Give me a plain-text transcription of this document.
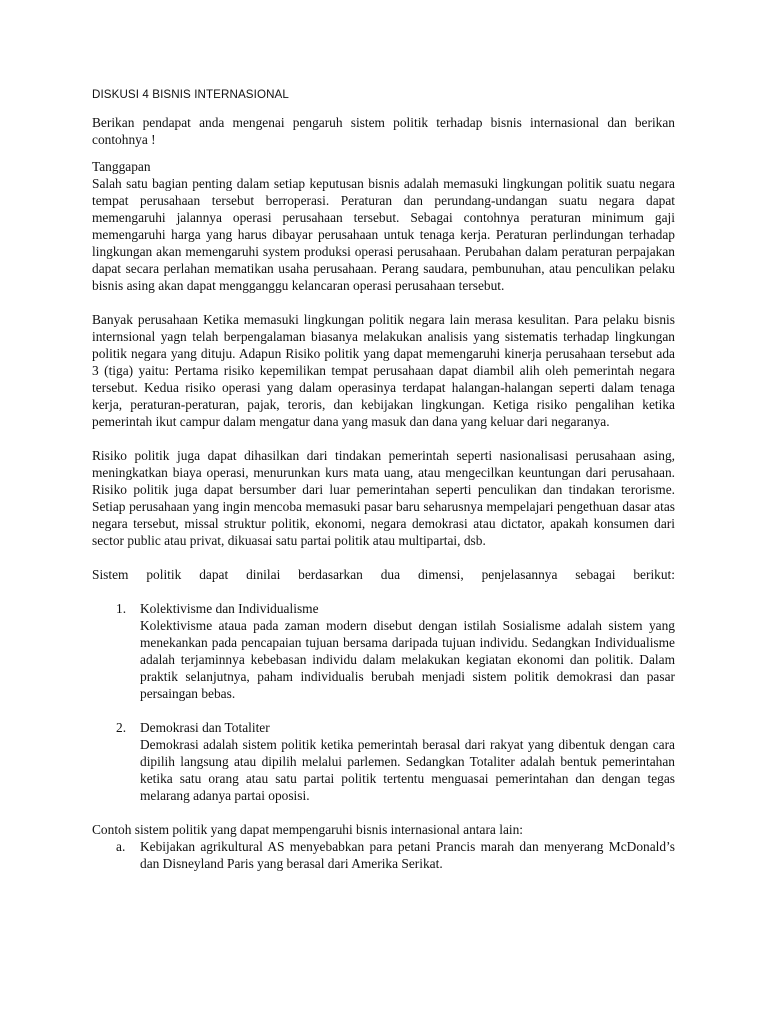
DISKUSI 4 BISNIS INTERNASIONAL

Berikan pendapat anda mengenai pengaruh sistem politik terhadap bisnis internasional dan berikan contohnya !

Tanggapan

Salah satu bagian penting dalam setiap keputusan bisnis adalah memasuki lingkungan politik suatu negara tempat perusahaan tersebut berroperasi. Peraturan dan perundang-undangan suatu negara dapat memengaruhi jalannya operasi perusahaan tersebut. Sebagai contohnya peraturan minimum gaji memengaruhi harga yang harus dibayar perusahaan untuk tenaga kerja. Peraturan perlindungan terhadap lingkungan akan memengaruhi system produksi operasi perusahaan. Perubahan dalam peraturan perpajakan dapat secara perlahan mematikan usaha perusahaan. Perang saudara, pembunuhan, atau penculikan pelaku bisnis asing akan dapat mengganggu kelancaran operasi perusahaan tersebut.

Banyak perusahaan Ketika memasuki lingkungan politik negara lain merasa kesulitan. Para pelaku bisnis internsional yagn telah berpengalaman biasanya melakukan analisis yang sistematis terhadap lingkungan politik negara yang dituju. Adapun Risiko politik yang dapat memengaruhi kinerja perusahaan tersebut ada 3 (tiga) yaitu: Pertama risiko kepemilikan tempat perusahaan dapat diambil alih oleh pemerintah negara tersebut. Kedua risiko operasi yang dalam operasinya terdapat halangan-halangan seperti dalam tenaga kerja, peraturan-peraturan, pajak, teroris, dan kebijakan lingkungan. Ketiga risiko pengalihan ketika pemerintah ikut campur dalam mengatur dana yang masuk dan dana yang keluar dari negaranya.

Risiko politik juga dapat dihasilkan dari tindakan pemerintah seperti nasionalisasi perusahaan asing, meningkatkan biaya operasi, menurunkan kurs mata uang, atau mengecilkan keuntungan dari perusahaan. Risiko politik juga dapat bersumber dari luar pemerintahan seperti penculikan dan tindakan terorisme. Setiap perusahaan yang ingin mencoba memasuki pasar baru seharusnya mempelajari pengethuan dasar atas negara tersebut, missal struktur politik, ekonomi, negara demokrasi atau dictator, apakah konsumen dari sector public atau privat, dikuasai satu partai politik atau multipartai, dsb.

Sistem politik dapat dinilai berdasarkan dua dimensi, penjelasannya sebagai berikut:

1. Kolektivisme dan Individualisme

Kolektivisme ataua pada zaman modern disebut dengan istilah Sosialisme adalah sistem yang menekankan pada pencapaian tujuan bersama daripada tujuan individu. Sedangkan Individualisme adalah terjaminnya kebebasan individu dalam melakukan kegiatan ekonomi dan politik. Dalam praktik selanjutnya, paham individualis berubah menjadi sistem politik demokrasi dan pasar persaingan bebas.

2. Demokrasi dan Totaliter

Demokrasi adalah sistem politik ketika pemerintah berasal dari rakyat yang dibentuk dengan cara dipilih langsung atau dipilih melalui parlemen. Sedangkan Totaliter adalah bentuk pemerintahan ketika satu orang atau satu partai politik tertentu menguasai pemerintahan dan dengan tegas melarang adanya partai oposisi.

Contoh sistem politik yang dapat mempengaruhi bisnis internasional antara lain:

a. Kebijakan agrikultural AS menyebabkan para petani Prancis marah dan menyerang McDonald’s dan Disneyland Paris yang berasal dari Amerika Serikat.
